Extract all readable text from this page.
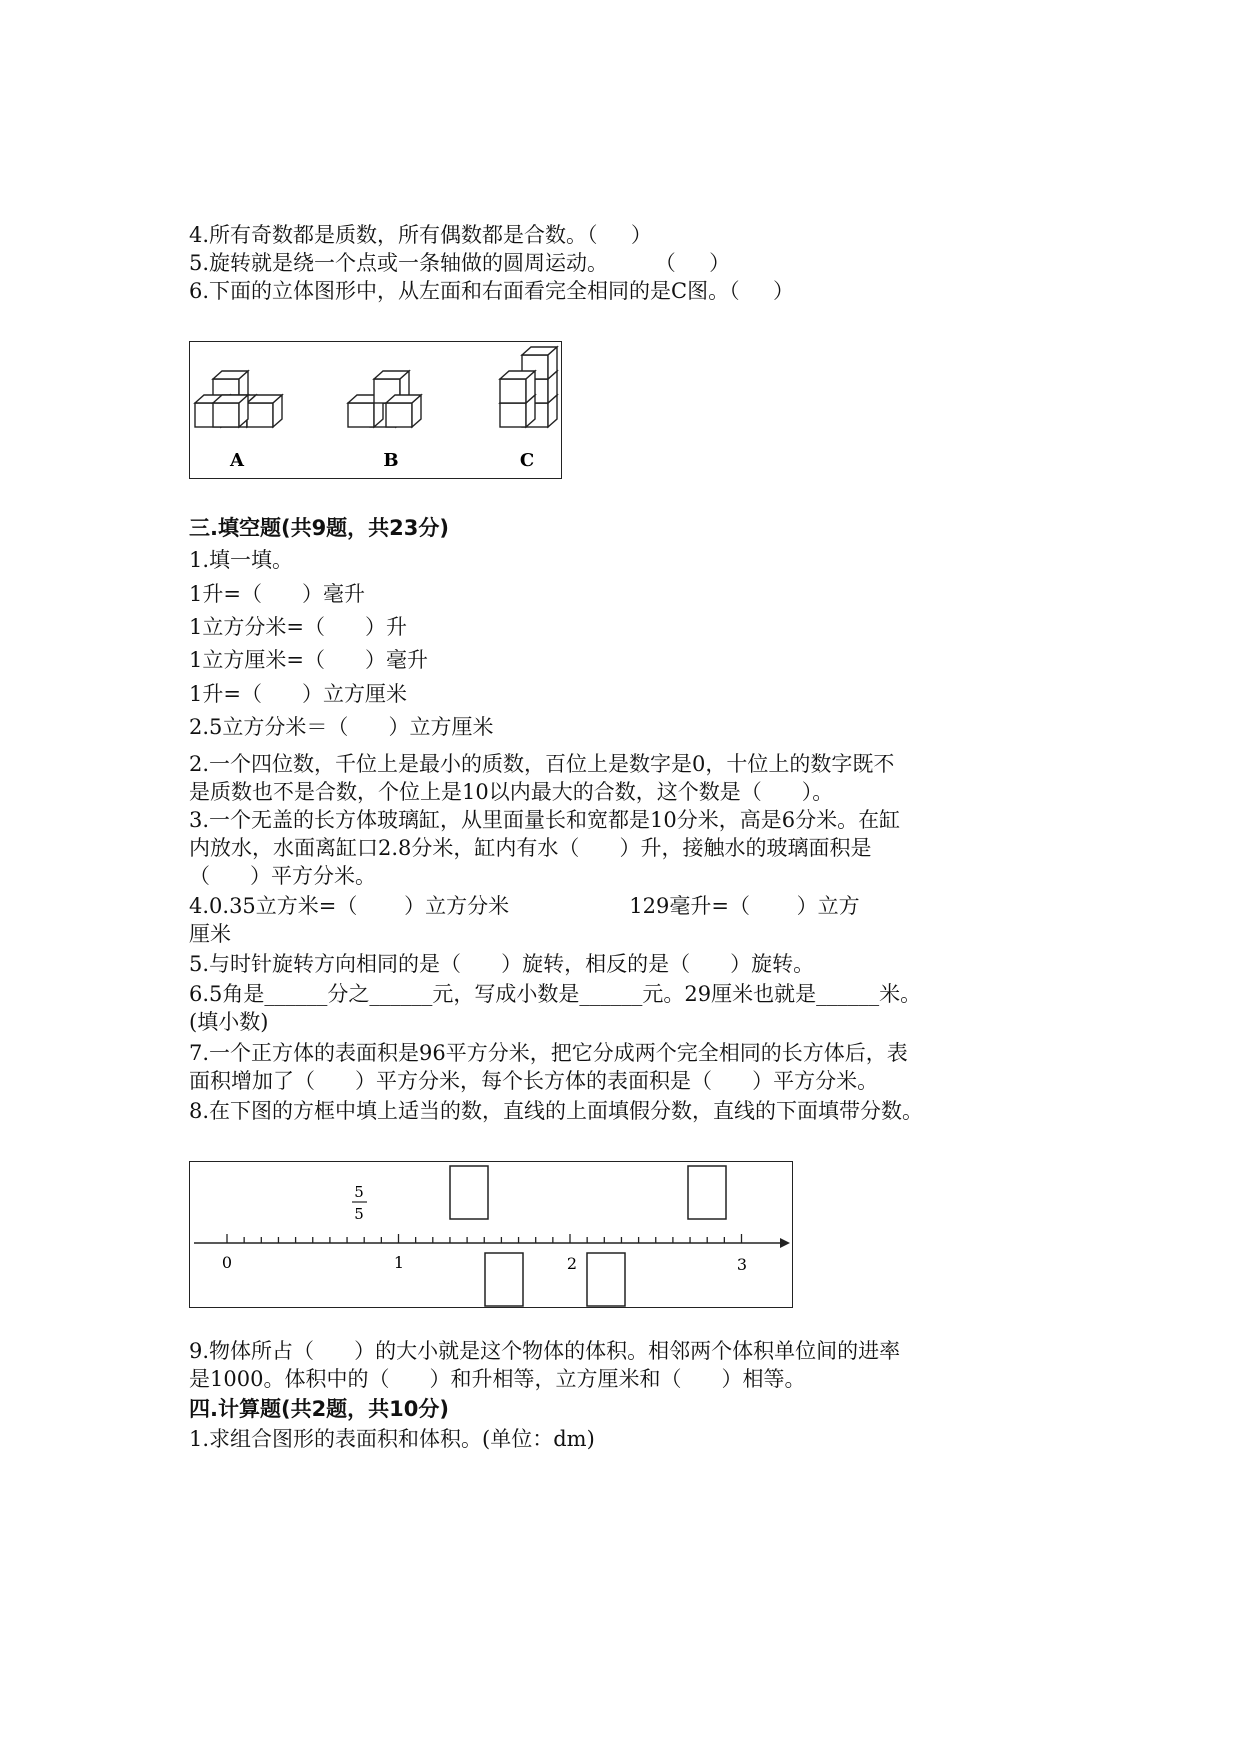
4.所有奇数都是质数，所有偶数都是合数。（     ）
5.旋转就是绕一个点或一条轴做的圆周运动。       （     ）
6.下面的立体图形中，从左面和右面看完全相同的是C图。（     ）
A	B	C
三.填空题(共9题，共23分)
1.填一填。
1升=（      ）毫升
1立方分米=（      ）升
1立方厘米=（      ）毫升
1升=（      ）立方厘米
2.5立方分米＝（      ）立方厘米
2.一个四位数，千位上是最小的质数，百位上是数字是0，十位上的数字既不
是质数也不是合数，个位上是10以内最大的合数，这个数是（      ）。
3.一个无盖的长方体玻璃缸，从里面量长和宽都是10分米，高是6分米。在缸
内放水，水面离缸口2.8分米，缸内有水（      ）升，接触水的玻璃面积是
（      ）平方分米。
4.0.35立方米=（       ）立方分米                  129毫升=（       ）立方
厘米
5.与时针旋转方向相同的是（      ）旋转，相反的是（      ）旋转。
6.5角是______分之______元，写成小数是______元。29厘米也就是______米。
(填小数)
7.一个正方体的表面积是96平方分米，把它分成两个完全相同的长方体后，表
面积增加了（      ）平方分米，每个长方体的表面积是（      ）平方分米。
8.在下图的方框中填上适当的数，直线的上面填假分数，直线的下面填带分数。
5
5
0	1	2	3
9.物体所占（      ）的大小就是这个物体的体积。相邻两个体积单位间的进率
是1000。体积中的（      ）和升相等，立方厘米和（      ）相等。
四.计算题(共2题，共10分)
1.求组合图形的表面积和体积。(单位：dm)
